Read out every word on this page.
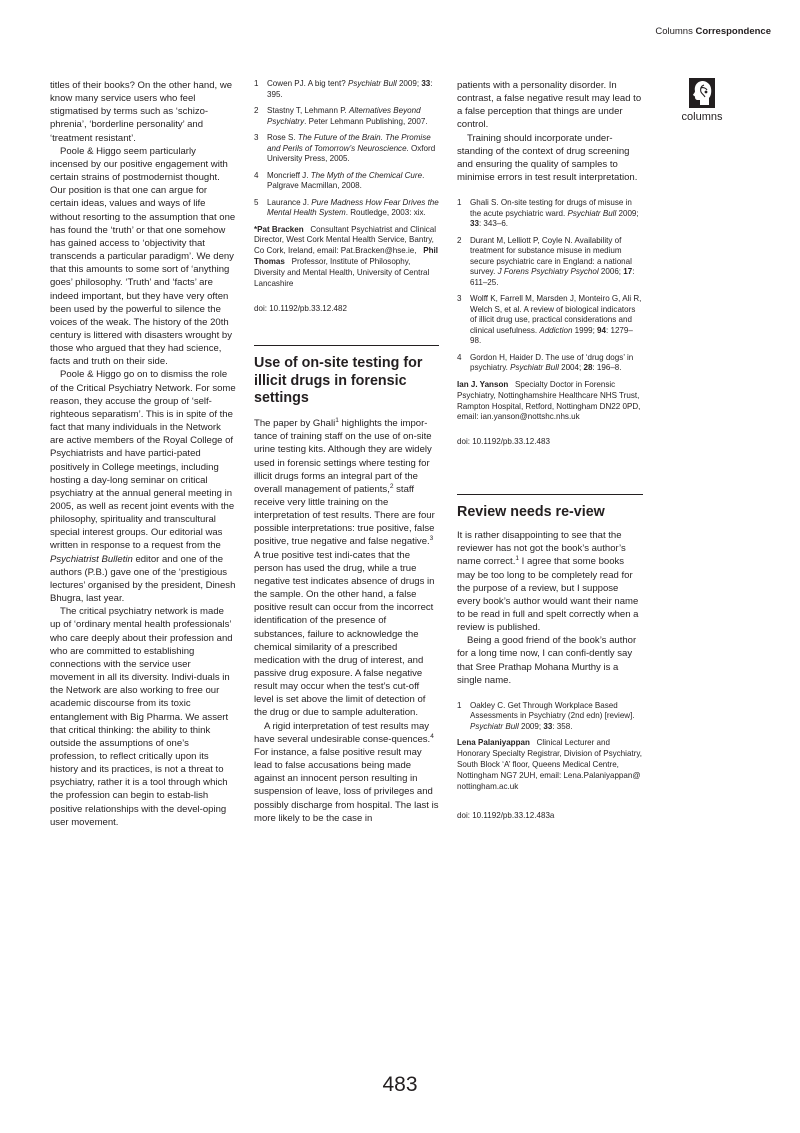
Columns Correspondence
columns

titles of their books? On the other hand, we know many service users who feel stigmatised by terms such as ‘schizo-phrenia’, ‘borderline personality’ and ‘treatment resistant’.

Poole & Higgo seem particularly incensed by our positive engagement with certain strains of postmodernist thought. Our position is that one can argue for certain ideas, values and ways of life without resorting to the assumption that one has found the ‘truth’ or that one somehow has gained access to ‘objectivity that transcends a particular paradigm’. We deny that this amounts to some sort of ‘anything goes’ philosophy. ‘Truth’ and ‘facts’ are indeed important, but they have very often been used by the powerful to silence the voices of the weak. The history of the 20th century is littered with disasters wrought by those who argued that they had science, facts and truth on their side.

Poole & Higgo go on to dismiss the role of the Critical Psychiatry Network. For some reason, they accuse the group of ‘self-righteous separatism’. This is in spite of the fact that many individuals in the Network are active members of the Royal College of Psychiatrists and have partici-pated positively in College meetings, including hosting a day-long seminar on critical psychiatry at the annual general meeting in 2005, as well as recent joint events with the philosophy, spirituality and transcultural special interest groups. Our editorial was written in response to a request from the Psychiatrist Bulletin editor and one of the authors (P.B.) gave one of the ‘prestigious lectures’ organised by the president, Dinesh Bhugra, last year.

The critical psychiatry network is made up of ‘ordinary mental health professionals’ who care deeply about their profession and who are committed to establishing connections with the service user movement in all its diversity. Indivi-duals in the Network are also working to free our academic discourse from its toxic entanglement with Big Pharma. We assert that critical thinking: the ability to think outside the assumptions of one’s profession, to reflect critically upon its history and its practices, is not a threat to psychiatry, rather it is a tool through which the profession can begin to estab-lish positive relationships with the devel-oping user movement.

1 Cowen PJ. A big tent? Psychiatr Bull 2009; 33: 395.
2 Stastny T, Lehmann P. Alternatives Beyond Psychiatry. Peter Lehmann Publishing, 2007.
3 Rose S. The Future of the Brain. The Promise and Perils of Tomorrow’s Neuroscience. Oxford University Press, 2005.
4 Moncrieff J. The Myth of the Chemical Cure. Palgrave Macmillan, 2008.
5 Laurance J. Pure Madness How Fear Drives the Mental Health System. Routledge, 2003: xix.

*Pat Bracken Consultant Psychiatrist and Clinical Director, West Cork Mental Health Service, Bantry, Co Cork, Ireland, email: Pat.Bracken@hse.ie, Phil Thomas Professor, Institute of Philosophy, Diversity and Mental Health, University of Central Lancashire

doi: 10.1192/pb.33.12.482

Use of on-site testing for illicit drugs in forensic settings

The paper by Ghali$^1$ highlights the impor-tance of training staff on the use of on-site urine testing kits. Although they are widely used in forensic settings where testing for illicit drugs forms an integral part of the overall management of patients,$^2$ staff receive very little training on the interpretation of test results. There are four possible interpretations: true positive, false positive, true negative and false negative.$^3$ A true positive test indi-cates that the person has used the drug, while a true negative test indicates absence of drugs in the sample. On the other hand, a false positive result can occur from the incorrect identification of the presence of substances, failure to acknowledge the chemical similarity of a prescribed medication with the drug of interest, and passive drug exposure. A false negative result may occur when the test’s cut-off level is set above the limit of detection of the drug or due to sample adulteration.

A rigid interpretation of test results may have several undesirable conse-quences.$^4$ For instance, a false positive result may lead to false accusations being made against an innocent person resulting in suspension of leave, loss of privileges and possibly discharge from hospital. The last is more likely to be the case in

patients with a personality disorder. In contrast, a false negative result may lead to a false perception that things are under control.

Training should incorporate under-standing of the context of drug screening and ensuring the quality of samples to minimise errors in test result interpretation.

1 Ghali S. On-site testing for drugs of misuse in the acute psychiatric ward. Psychiatr Bull 2009; 33: 343–6.
2 Durant M, Lelliott P, Coyle N. Availability of treatment for substance misuse in medium secure psychiatric care in England: a national survey. J Forens Psychiatry Psychol 2006; 17: 611–25.
3 Wolff K, Farrell M, Marsden J, Monteiro G, Ali R, Welch S, et al. A review of biological indicators of illicit drug use, practical considerations and clinical usefulness. Addiction 1999; 94: 1279–98.
4 Gordon H, Haider D. The use of ‘drug dogs’ in psychiatry. Psychiatr Bull 2004; 28: 196–8.

Ian J. Yanson Specialty Doctor in Forensic Psychiatry, Nottinghamshire Healthcare NHS Trust, Rampton Hospital, Retford, Nottingham DN22 0PD, email: ian.yanson@nottshc.nhs.uk

doi: 10.1192/pb.33.12.483

Review needs re-view

It is rather disappointing to see that the reviewer has not got the book’s author’s name correct.$^1$ I agree that some books may be too long to be completely read for the purpose of a review, but I suppose every book’s author would want their name to be read in full and spelt correctly when a review is published.

Being a good friend of the book’s author for a long time now, I can confi-dently say that Sree Prathap Mohana Murthy is a single name.

1 Oakley C. Get Through Workplace Based Assessments in Psychiatry (2nd edn) [review]. Psychiatr Bull 2009; 33: 358.

Lena Palaniyappan Clinical Lecturer and Honorary Specialty Registrar, Division of Psychiatry, South Block ‘A’ floor, Queens Medical Centre, Nottingham NG7 2UH, email: Lena.Palaniyappan@ nottingham.ac.uk

doi: 10.1192/pb.33.12.483a

483
